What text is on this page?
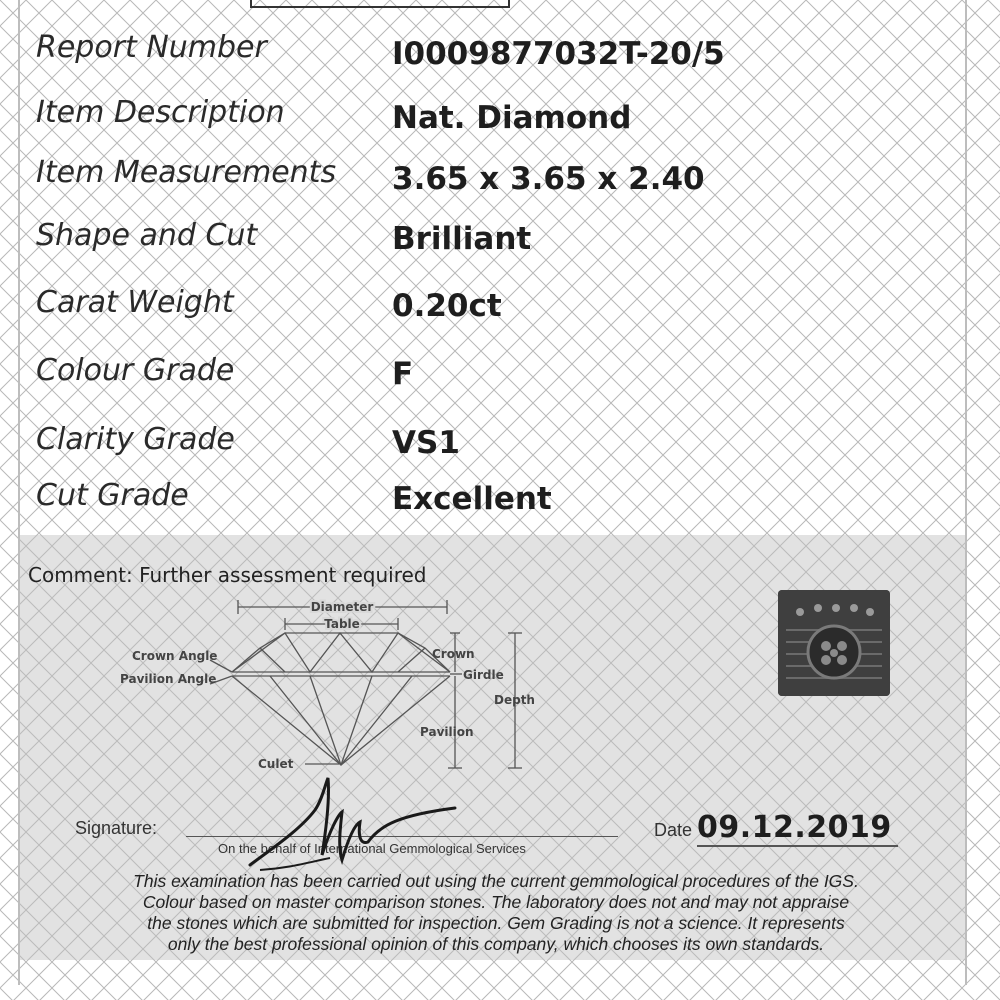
Report Number	I0009877032T-20/5
Item Description	Nat. Diamond
Item Measurements 3.65 x 3.65 x 2.40
Shape and Cut	Brilliant
Carat Weight	0.20ct
Colour Grade	F
Clarity Grade	VS1
Cut Grade	Excellent
Comment: Further assessment required
Diameter
Table
Crown Angle
Pavilion Angle
Crown
Girdle
Depth
Pavilion
Culet
Signature:
On the behalf of International Gemmological Services
Date 09.12.2019
This examination has been carried out using the current gemmological procedures of the IGS.
Colour based on master comparison stones. The laboratory does not and may not appraise
the stones which are submitted for inspection. Gem Grading is not a science. It represents
only the best professional opinion of this company, which chooses its own standards.
